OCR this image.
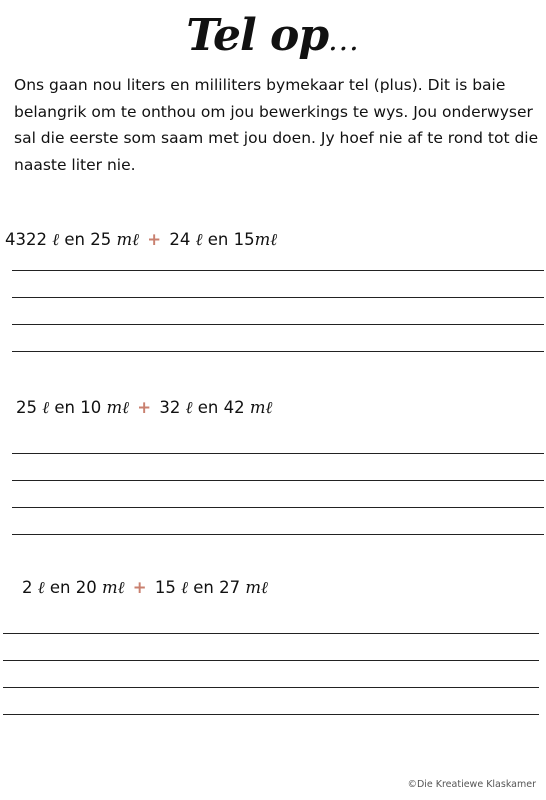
Tel op...

Ons gaan nou liters en mililiters bymekaar tel (plus). Dit is baie belangrik om te onthou om jou bewerkings te wys. Jou onderwyser sal die eerste som saam met jou doen. Jy hoef nie af te rond tot die naaste liter nie.

4322 ℓ en 25 mℓ + 24 ℓ en 15mℓ
25 ℓ en 10 mℓ + 32 ℓ en 42 mℓ
2 ℓ en 20 mℓ + 15 ℓ en 27 mℓ
©Die Kreatiewe Klaskamer
